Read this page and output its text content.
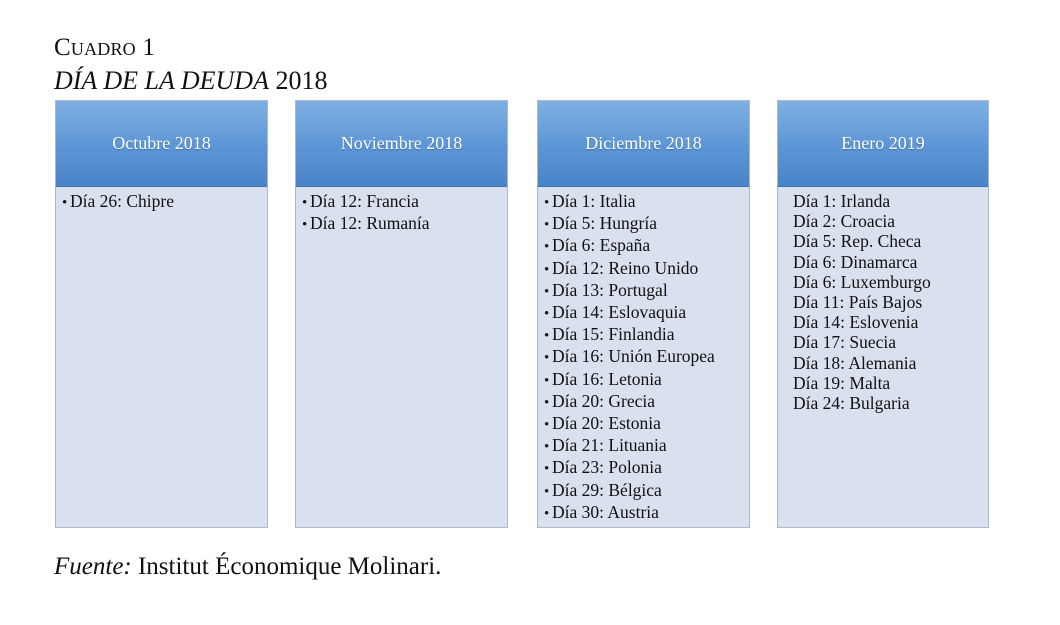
Cuadro 1
DÍA DE LA DEUDA 2018
Octubre 2018
• Día 26: Chipre
Noviembre 2018
• Día 12: Francia
• Día 12: Rumanía
Diciembre 2018
• Día 1: Italia
• Día 5: Hungría
• Día 6: España
• Día 12: Reino Unido
• Día 13: Portugal
• Día 14: Eslovaquia
• Día 15: Finlandia
• Día 16: Unión Europea
• Día 16: Letonia
• Día 20: Grecia
• Día 20: Estonia
• Día 21: Lituania
• Día 23: Polonia
• Día 29: Bélgica
• Día 30: Austria
Enero 2019
Día 1: Irlanda
Día 2: Croacia
Día 5: Rep. Checa
Día 6: Dinamarca
Día 6: Luxemburgo
Día 11: País Bajos
Día 14: Eslovenia
Día 17: Suecia
Día 18: Alemania
Día 19: Malta
Día 24: Bulgaria
Fuente: Institut Économique Molinari.
